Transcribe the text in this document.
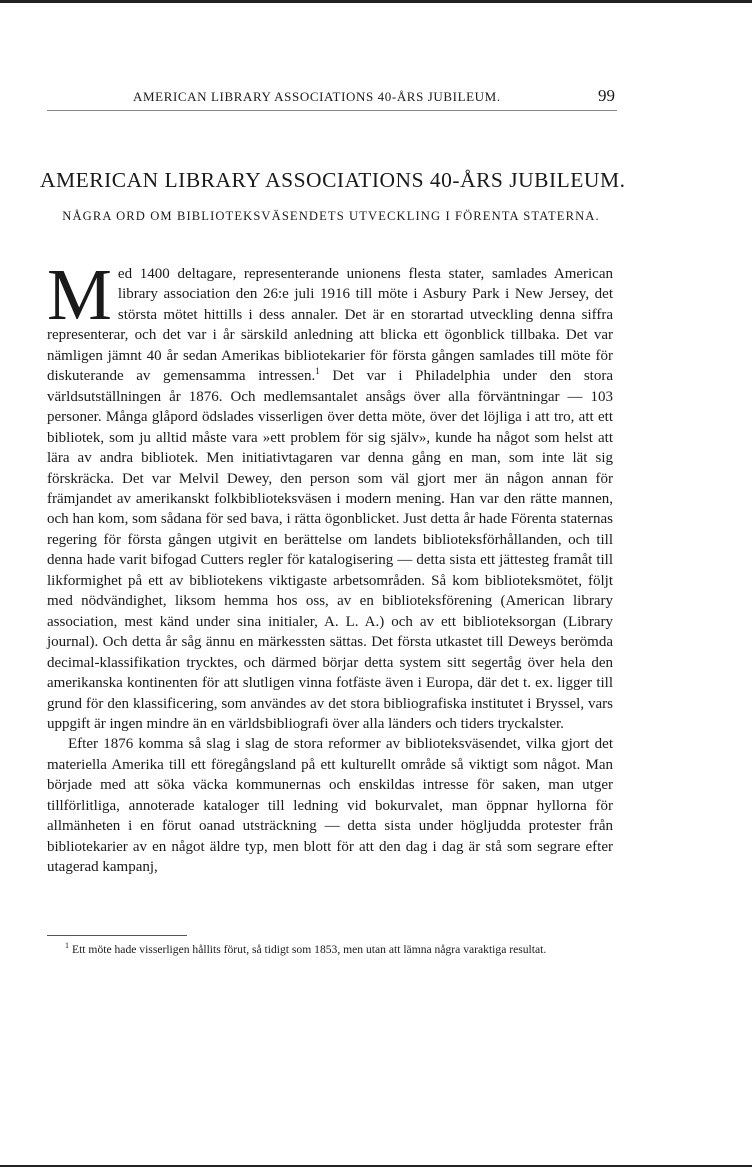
AMERICAN LIBRARY ASSOCIATIONS 40-ÅRS JUBILEUM.	99
AMERICAN LIBRARY ASSOCIATIONS 40-ÅRS JUBILEUM.
NÅGRA ORD OM BIBLIOTEKSVÄSENDETS UTVECKLING I FÖRENTA STATERNA.

Med 1400 deltagare, representerande unionens flesta stater, samlades American library association den 26:e juli 1916 till möte i Asbury Park i New Jersey, det största mötet hittills i dess annaler. Det är en storartad utveckling denna siffra representerar, och det var i år särskild anledning att blicka ett ögonblick tillbaka. Det var nämligen jämnt 40 år sedan Amerikas bibliotekarier för första gången samlades till möte för diskuterande av gemensamma intressen.$^1$ Det var i Philadelphia under den stora världsutställningen år 1876. Och medlemsantalet ansågs över alla förväntningar — 103 personer. Många glåpord ödslades visserligen över detta möte, över det löjliga i att tro, att ett bibliotek, som ju alltid måste vara »ett problem för sig själv», kunde ha något som helst att lära av andra bibliotek. Men initiativtagaren var denna gång en man, som inte lät sig förskräcka. Det var Melvil Dewey, den person som väl gjort mer än någon annan för främjandet av amerikanskt folkbiblioteksväsen i modern mening. Han var den rätte mannen, och han kom, som sådana för sed bava, i rätta ögonblicket. Just detta år hade Förenta staternas regering för första gången utgivit en berättelse om landets biblioteksförhållanden, och till denna hade varit bifogad Cutters regler för katalogisering — detta sista ett jättesteg framåt till likformighet på ett av bibliotekens viktigaste arbetsområden. Så kom biblioteksmötet, följt med nödvändighet, liksom hemma hos oss, av en biblioteksförening (American library association, mest känd under sina initialer, A. L. A.) och av ett biblioteksorgan (Library journal). Och detta år såg ännu en märkessten sättas. Det första utkastet till Deweys berömda decimal-klassifikation trycktes, och därmed börjar detta system sitt segertåg över hela den amerikanska kontinenten för att slutligen vinna fotfäste även i Europa, där det t. ex. ligger till grund för den klassificering, som användes av det stora bibliografiska institutet i Bryssel, vars uppgift är ingen mindre än en världsbibliografi över alla länders och tiders tryckalster.

Efter 1876 komma så slag i slag de stora reformer av biblioteksväsendet, vilka gjort det materiella Amerika till ett föregångsland på ett kulturellt område så viktigt som något. Man började med att söka väcka kommunernas och enskildas intresse för saken, man utger tillförlitliga, annoterade kataloger till ledning vid bokurvalet, man öppnar hyllorna för allmänheten i en förut oanad utsträckning — detta sista under högljudda protester från bibliotekarier av en något äldre typ, men blott för att den dag i dag är stå som segrare efter utagerad kampanj,

$^1$ Ett möte hade visserligen hållits förut, så tidigt som 1853, men utan att lämna några varaktiga resultat.
